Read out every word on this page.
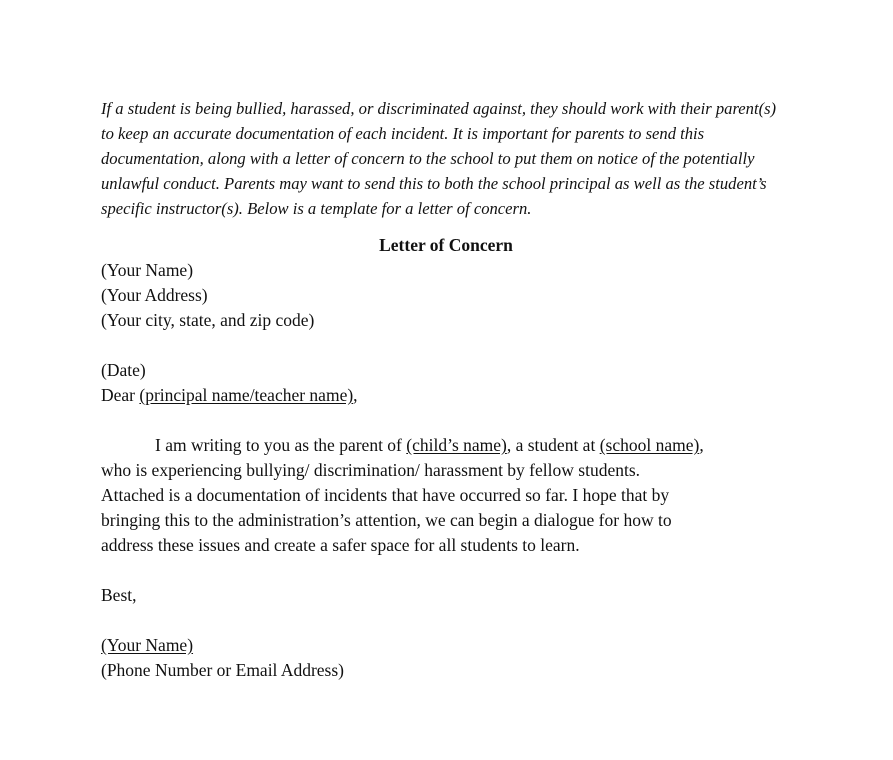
If a student is being bullied, harassed, or discriminated against, they should work with their parent(s) to keep an accurate documentation of each incident. It is important for parents to send this documentation, along with a letter of concern to the school to put them on notice of the potentially unlawful conduct. Parents may want to send this to both the school principal as well as the student’s specific instructor(s). Below is a template for a letter of concern.

Letter of Concern
(Your Name)
(Your Address)
(Your city, state, and zip code)
(Date)
Dear (principal name/teacher name),
I am writing to you as the parent of (child’s name), a student at (school name),
who is experiencing bullying/ discrimination/ harassment by fellow students.
Attached is a documentation of incidents that have occurred so far. I hope that by
bringing this to the administration’s attention, we can begin a dialogue for how to
address these issues and create a safer space for all students to learn.
Best,
(Your Name)
(Phone Number or Email Address)
